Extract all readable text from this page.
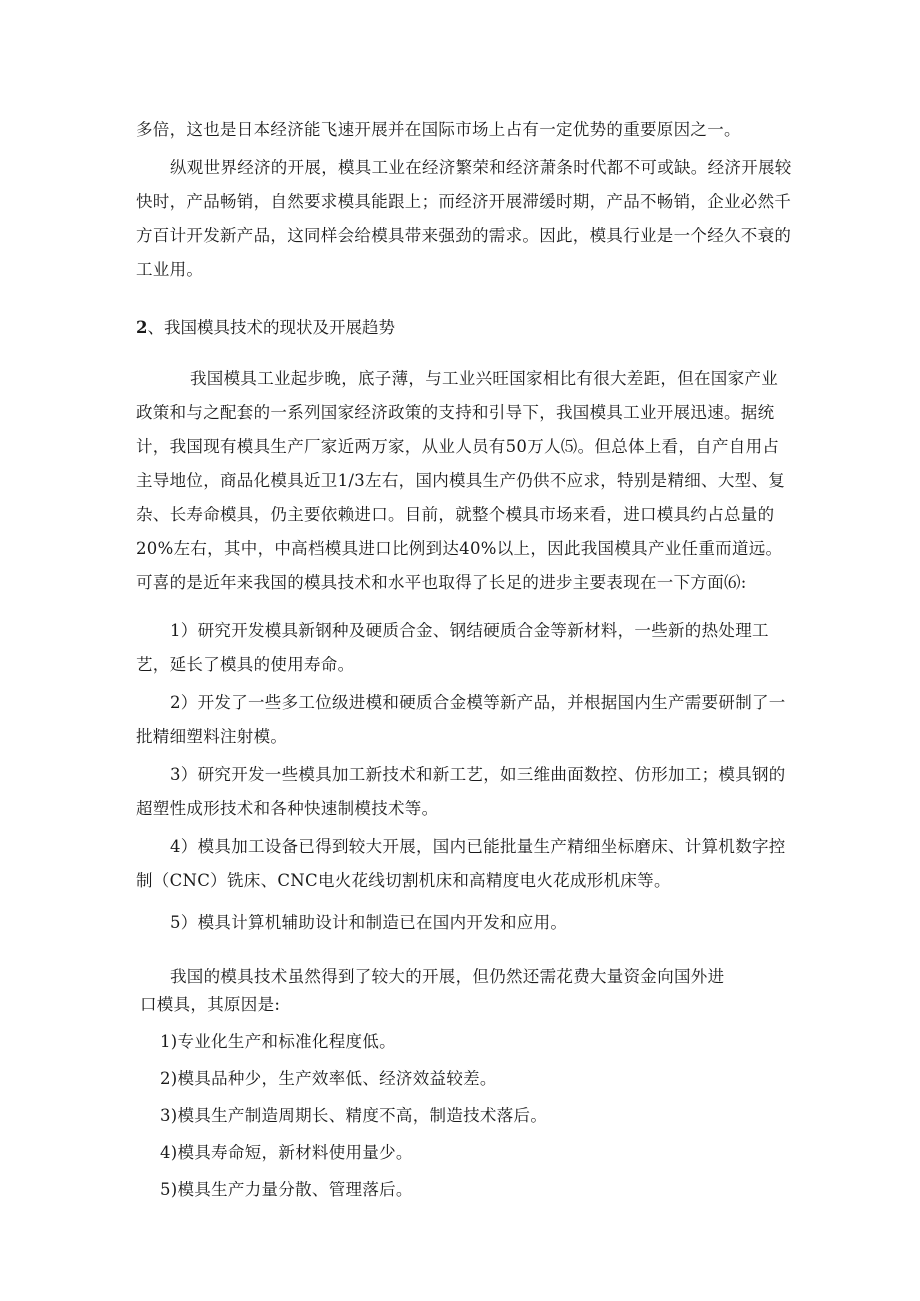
多倍，这也是日本经济能飞速开展并在国际市场上占有一定优势的重要原因之一。

纵观世界经济的开展，模具工业在经济繁荣和经济萧条时代都不可或缺。经济开展较快时，产品畅销，自然要求模具能跟上；而经济开展滞缓时期，产品不畅销，企业必然千方百计开发新产品，这同样会给模具带来强劲的需求。因此，模具行业是一个经久不衰的工业用。

2、我国模具技术的现状及开展趋势

我国模具工业起步晚，底子薄，与工业兴旺国家相比有很大差距，但在国家产业政策和与之配套的一系列国家经济政策的支持和引导下，我国模具工业开展迅速。据统计，我国现有模具生产厂家近两万家，从业人员有50万人⑸。但总体上看，自产自用占主导地位，商品化模具近卫1/3左右，国内模具生产仍供不应求，特别是精细、大型、复杂、长寿命模具，仍主要依赖进口。目前，就整个模具市场来看，进口模具约占总量的20%左右，其中，中高档模具进口比例到达40%以上，因此我国模具产业任重而道远。可喜的是近年来我国的模具技术和水平也取得了长足的进步主要表现在一下方面⑹:

1）研究开发模具新钢种及硬质合金、钢结硬质合金等新材料，一些新的热处理工艺，延长了模具的使用寿命。

2）开发了一些多工位级进模和硬质合金模等新产品，并根据国内生产需要研制了一批精细塑料注射模。

3）研究开发一些模具加工新技术和新工艺，如三维曲面数控、仿形加工；模具钢的超塑性成形技术和各种快速制模技术等。

4）模具加工设备已得到较大开展，国内已能批量生产精细坐标磨床、计算机数字控制（CNC）铣床、CNC电火花线切割机床和高精度电火花成形机床等。

5）模具计算机辅助设计和制造已在国内开发和应用。

我国的模具技术虽然得到了较大的开展，但仍然还需花费大量资金向国外进

口模具，其原因是:

1)专业化生产和标准化程度低。

2)模具品种少，生产效率低、经济效益较差。

3)模具生产制造周期长、精度不高，制造技术落后。

4)模具寿命短，新材料使用量少。

5)模具生产力量分散、管理落后。
